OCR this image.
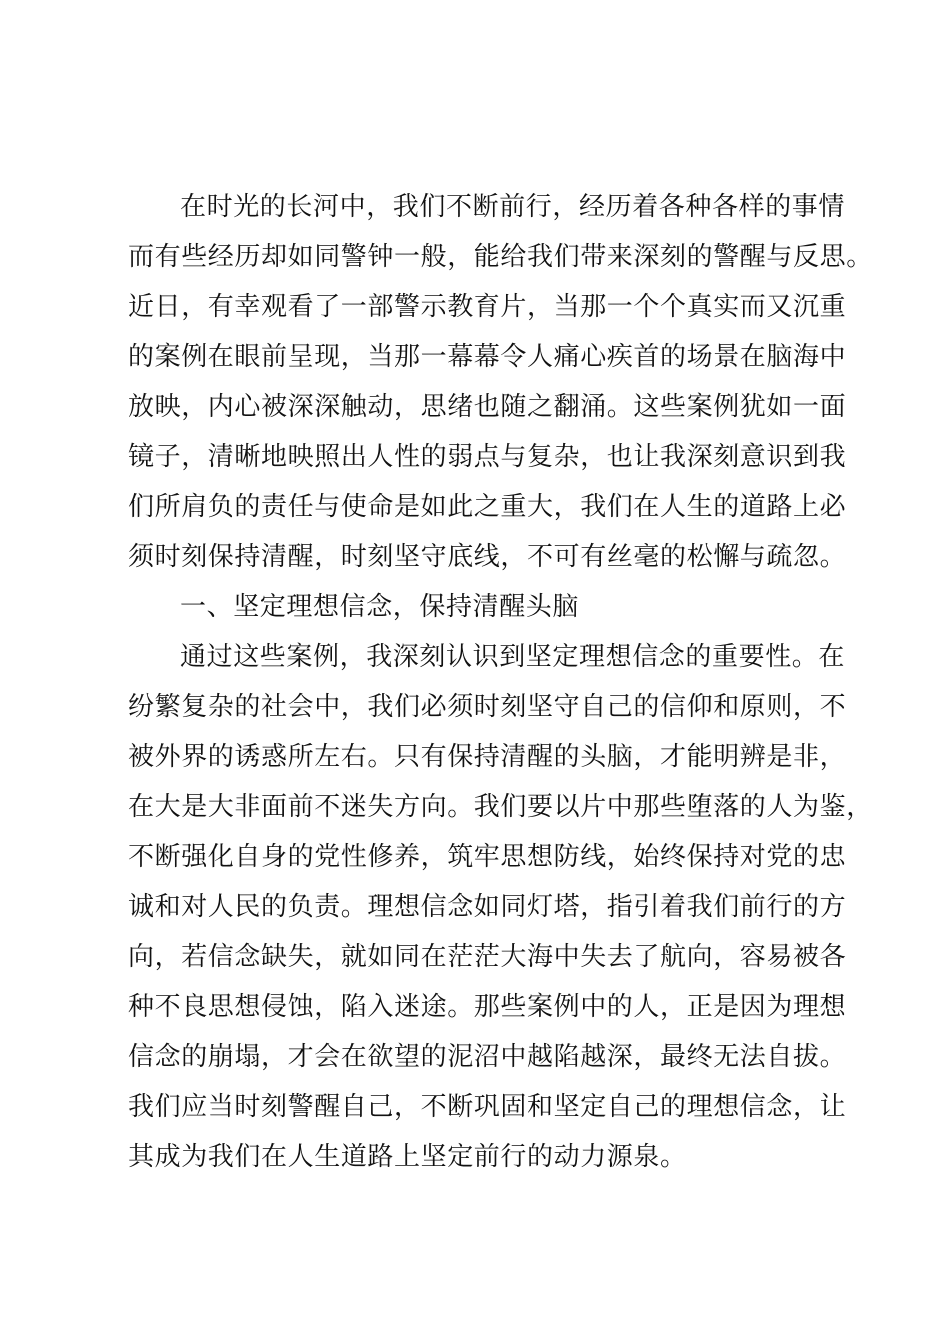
在时光的长河中，我们不断前行，经历着各种各样的事情
而有些经历却如同警钟一般，能给我们带来深刻的警醒与反思。
近日，有幸观看了一部警示教育片，当那一个个真实而又沉重
的案例在眼前呈现，当那一幕幕令人痛心疾首的场景在脑海中
放映，内心被深深触动，思绪也随之翻涌。这些案例犹如一面
镜子，清晰地映照出人性的弱点与复杂，也让我深刻意识到我
们所肩负的责任与使命是如此之重大，我们在人生的道路上必
须时刻保持清醒，时刻坚守底线，不可有丝毫的松懈与疏忽。
一、坚定理想信念，保持清醒头脑
通过这些案例，我深刻认识到坚定理想信念的重要性。在
纷繁复杂的社会中，我们必须时刻坚守自己的信仰和原则，不
被外界的诱惑所左右。只有保持清醒的头脑，才能明辨是非，
在大是大非面前不迷失方向。我们要以片中那些堕落的人为鉴，
不断强化自身的党性修养，筑牢思想防线，始终保持对党的忠
诚和对人民的负责。理想信念如同灯塔，指引着我们前行的方
向，若信念缺失，就如同在茫茫大海中失去了航向，容易被各
种不良思想侵蚀，陷入迷途。那些案例中的人，正是因为理想
信念的崩塌，才会在欲望的泥沼中越陷越深，最终无法自拔。
我们应当时刻警醒自己，不断巩固和坚定自己的理想信念，让
其成为我们在人生道路上坚定前行的动力源泉。
